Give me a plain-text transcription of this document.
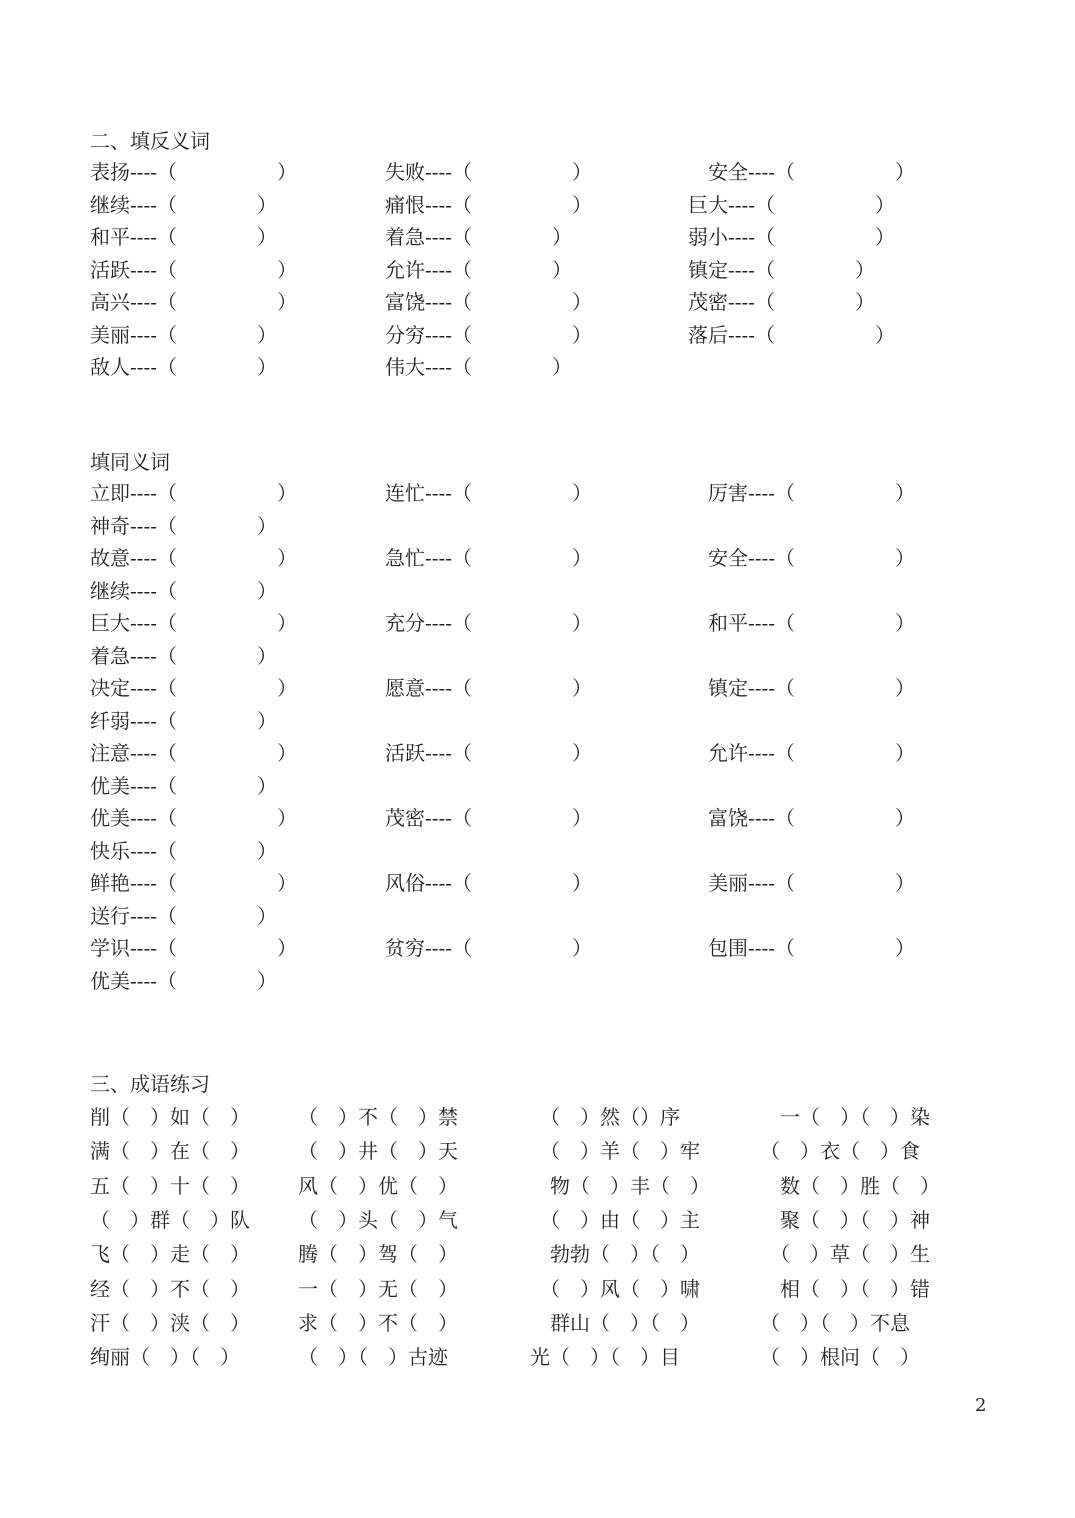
二、填反义词
表扬----（　　　　　）	失败----（　　　　　）	　安全----（　　　　　）
继续----（　　　　）	痛恨----（　　　　　）	巨大----（　　　　　）
和平----（　　　　）	着急----（　　　　）	弱小----（　　　　　）
活跃----（　　　　　）	允许----（　　　　）	镇定----（　　　　）
高兴----（　　　　　）	富饶----（　　　　　）	茂密----（　　　　）
美丽----（　　　　）	分穷----（　　　　　）	落后----（　　　　　）
敌人----（　　　　）	伟大----（　　　　）
填同义词
立即----（　　　　　）	连忙----（　　　　　）	　厉害----（　　　　　）
神奇----（　　　　）
故意----（　　　　　）	急忙----（　　　　　）	　安全----（　　　　　）
继续----（　　　　）
巨大----（　　　　　）	充分----（　　　　　）	　和平----（　　　　　）
着急----（　　　　）
决定----（　　　　　）	愿意----（　　　　　）	　镇定----（　　　　　）
纤弱----（　　　　）
注意----（　　　　　）	活跃----（　　　　　）	　允许----（　　　　　）
优美----（　　　　）
优美----（　　　　　）	茂密----（　　　　　）	　富饶----（　　　　　）
快乐----（　　　　）
鲜艳----（　　　　　）	风俗----（　　　　　）	　美丽----（　　　　　）
送行----（　　　　）
学识----（　　　　　）	贫穷----（　　　　　）	　包围----（　　　　　）
优美----（　　　　）
三、成语练习
削（　）如（　） （　）不（　）禁	　（　）然（）序	　一（　）（　）染
满（　）在（　） （　）井（　）天	　（　）羊（　）牢	（　）衣（　）食
五（　）十（　） 风（　）优（　）	　物（　）丰（　）	　数（　）胜（　）
（　）群（　）队 （　）头（　）气	　（　）由（　）主	　聚（　）（　）神
飞（　）走（　） 腾（　）驾（　）	　勃勃（　）（　）	　（　）草（　）生
经（　）不（　） 一（　）无（　）	　（　）风（　）啸	　相（　）（　）错
汗（　）浃（　） 求（　）不（　）	　群山（　）（　）	（　）（　）不息
绚丽（　）（　）	（　）（　）古迹	光（　）（　）目	（　）根问（　）
2
